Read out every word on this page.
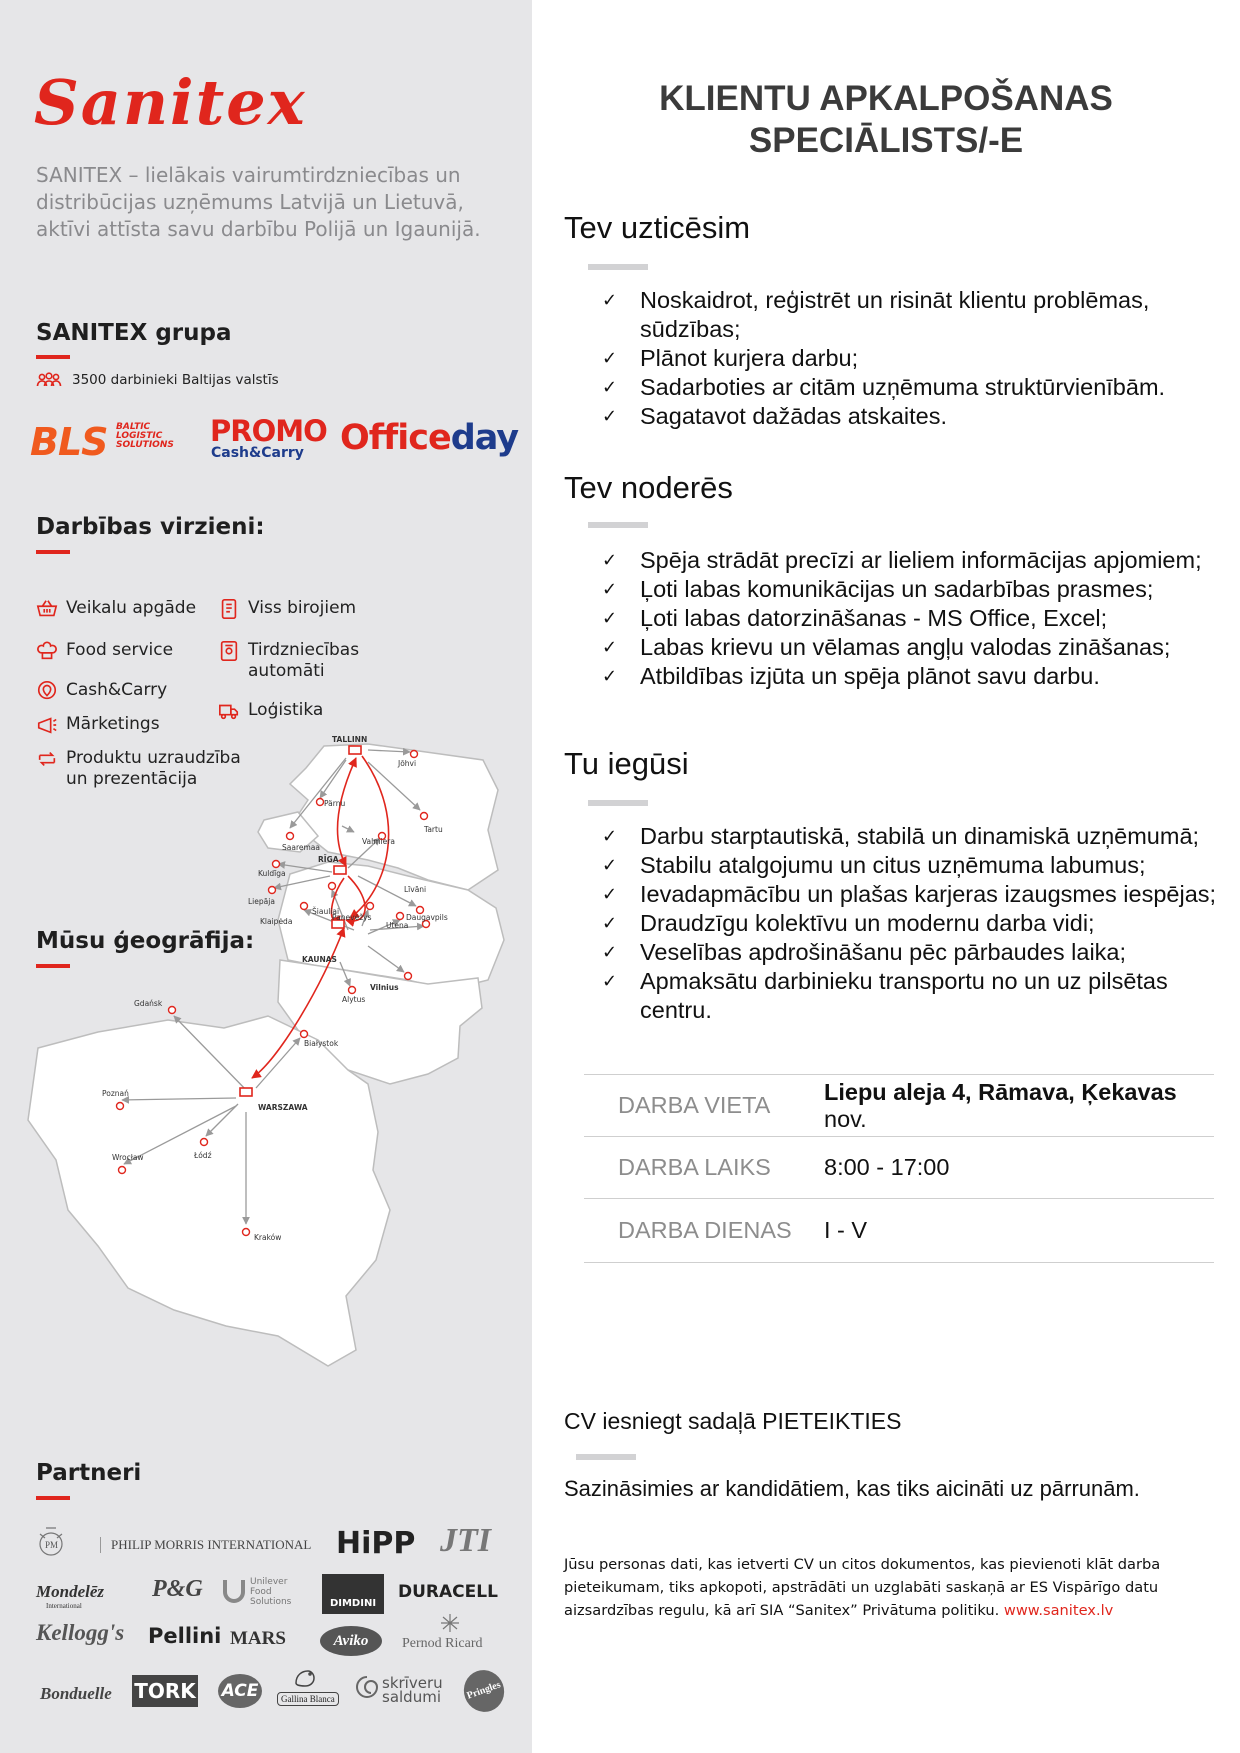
Sanitex
SANITEX – lielākais vairumtirdzniecības un distribūcijas uzņēmums Latvijā un Lietuvā, aktīvi attīsta savu darbību Polijā un Igaunijā.
SANITEX grupa
3500 darbinieki Baltijas valstīs
BLS BALTIC LOGISTIC SOLUTIONS	PROMO
Cash&Carry Officeday
Darbības virzieni:
Veikalu apgāde	Viss birojiem
Food service	Tirdzniecības automāti
Cash&Carry
Loģistika
Mārketings
Produktu uzraudzība un prezentācija
Mūsu ģeogrāfija:
TALLINN
Jõhvi
Pärnu
Tartu
Saaremaa
Valmiera
RĪGA
Kuldīga
Liepāja
Līvāni
Klaipėda
Šiauliai
Panevėžys	Daugavpils
Utena
KAUNAS
Vilnius
Alytus
Gdańsk
Białystok
Poznań
WARSZAWA
Łódź
Wrocław
Kraków
Partneri
PM	PHILIP MORRIS INTERNATIONAL HiPP JTI
Mondelēz
International
P&G	Unilever Food Solutions	DIMDINI
DURACELL
Kellogg's Pellini MARS	Aviko	Pernod Ricard
Bonduelle TORK ACE	Gallina Blanca
skrīveru saldumi	Pringles
KLIENTU APKALPOŠANAS
SPECIĀLISTS/-E
Tev uzticēsim
✓ Noskaidrot, reģistrēt un risināt klientu problēmas, sūdzības;
✓ Plānot kurjera darbu;
✓ Sadarboties ar citām uzņēmuma struktūrvienībām.
✓ Sagatavot dažādas atskaites.
Tev noderēs
✓ Spēja strādāt precīzi ar lieliem informācijas apjomiem;
✓ Ļoti labas komunikācijas un sadarbības prasmes;
✓ Ļoti labas datorzināšanas - MS Office, Excel;
✓ Labas krievu un vēlamas angļu valodas zināšanas;
✓ Atbildības izjūta un spēja plānot savu darbu.
Tu iegūsi
✓ Darbu starptautiskā, stabilā un dinamiskā uzņēmumā;
✓ Stabilu atalgojumu un citus uzņēmuma labumus;
✓ Ievadapmācību un plašas karjeras izaugsmes iespējas;
✓ Draudzīgu kolektīvu un modernu darba vidi;
✓ Veselības apdrošināšanu pēc pārbaudes laika;
✓ Apmaksātu darbinieku transportu no un uz pilsētas centru.
DARBA VIETA	Liepu aleja 4, Rāmava, Ķekavas nov.
DARBA LAIKS	8:00 - 17:00
DARBA DIENAS	I - V
CV iesniegt sadaļā PIETEIKTIES
Sazināsimies ar kandidātiem, kas tiks aicināti uz pārrunām.
Jūsu personas dati, kas ietverti CV un citos dokumentos, kas pievienoti klāt darba pieteikumam, tiks apkopoti, apstrādāti un uzglabāti saskaņā ar ES Vispārīgo datu aizsardzības regulu, kā arī SIA “Sanitex” Privātuma politiku. www.sanitex.lv
